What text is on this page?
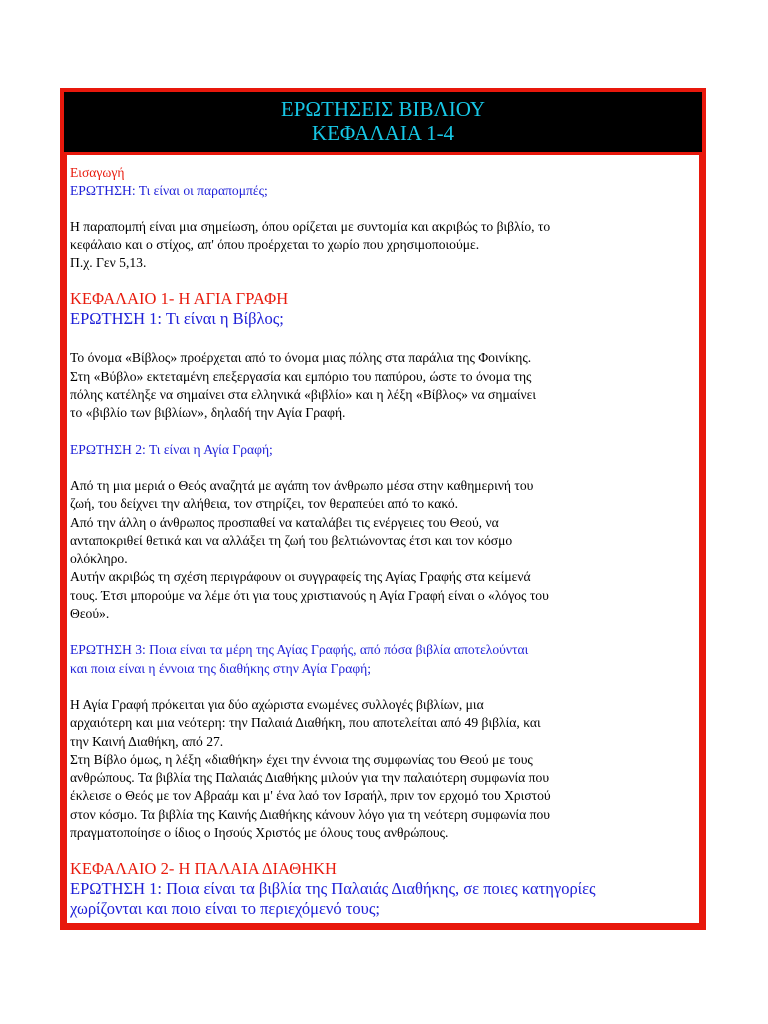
ΕΡΩΤΗΣΕΙΣ ΒΙΒΛΙΟΥ
ΚΕΦΑΛΑΙΑ 1-4
Εισαγωγή
ΕΡΩΤΗΣΗ: Τι είναι οι παραπομπές;
Η παραπομπή είναι μια σημείωση, όπου ορίζεται με συντομία και ακριβώς το βιβλίο, το
κεφάλαιο και ο στίχος, απ' όπου προέρχεται το χωρίο που χρησιμοποιούμε.
Π.χ. Γεν 5,13.
ΚΕΦΑΛΑΙΟ 1- Η ΑΓΙΑ ΓΡΑΦΗ
ΕΡΩΤΗΣΗ 1: Τι είναι η Βίβλος;
Το όνομα «Βίβλος» προέρχεται από το όνομα μιας πόλης στα παράλια της Φοινίκης.
Στη «Βύβλο» εκτεταμένη επεξεργασία και εμπόριο του παπύρου, ώστε το όνομα της
πόλης κατέληξε να σημαίνει στα ελληνικά «βιβλίο» και η λέξη «Βίβλος» να σημαίνει
το «βιβλίο των βιβλίων», δηλαδή την Αγία Γραφή.
ΕΡΩΤΗΣΗ 2: Τι είναι η Αγία Γραφή;
Από τη μια μεριά ο Θεός αναζητά με αγάπη τον άνθρωπο μέσα στην καθημερινή του
ζωή, του δείχνει την αλήθεια, τον στηρίζει, τον θεραπεύει από το κακό.
Από την άλλη ο άνθρωπος προσπαθεί να καταλάβει τις ενέργειες του Θεού, να
ανταποκριθεί θετικά και να αλλάξει τη ζωή του βελτιώνοντας έτσι και τον κόσμο
ολόκληρο.
Αυτήν ακριβώς τη σχέση περιγράφουν οι συγγραφείς της Αγίας Γραφής στα κείμενά
τους. Έτσι μπορούμε να λέμε ότι για τους χριστιανούς η Αγία Γραφή είναι ο «λόγος του
Θεού».
ΕΡΩΤΗΣΗ 3: Ποια είναι τα μέρη της Αγίας Γραφής, από πόσα βιβλία αποτελούνται
και ποια είναι η έννοια της διαθήκης στην Αγία Γραφή;
Η Αγία Γραφή πρόκειται για δύο αχώριστα ενωμένες συλλογές βιβλίων, μια
αρχαιότερη και μια νεότερη: την Παλαιά Διαθήκη, που αποτελείται από 49 βιβλία, και
την Καινή Διαθήκη, από 27.
Στη Βίβλο όμως, η λέξη «διαθήκη» έχει την έννοια της συμφωνίας του Θεού με τους
ανθρώπους. Τα βιβλία της Παλαιάς Διαθήκης μιλούν για την παλαιότερη συμφωνία που
έκλεισε ο Θεός με τον Αβραάμ και μ' ένα λαό τον Ισραήλ, πριν τον ερχομό του Χριστού
στον κόσμο. Τα βιβλία της Καινής Διαθήκης κάνουν λόγο για τη νεότερη συμφωνία που
πραγματοποίησε ο ίδιος ο Ιησούς Χριστός με όλους τους ανθρώπους.
ΚΕΦΑΛΑΙΟ 2- Η ΠΑΛΑΙΑ ΔΙΑΘΗΚΗ
ΕΡΩΤΗΣΗ 1: Ποια είναι τα βιβλία της Παλαιάς Διαθήκης, σε ποιες κατηγορίες
χωρίζονται και ποιο είναι το περιεχόμενό τους;
